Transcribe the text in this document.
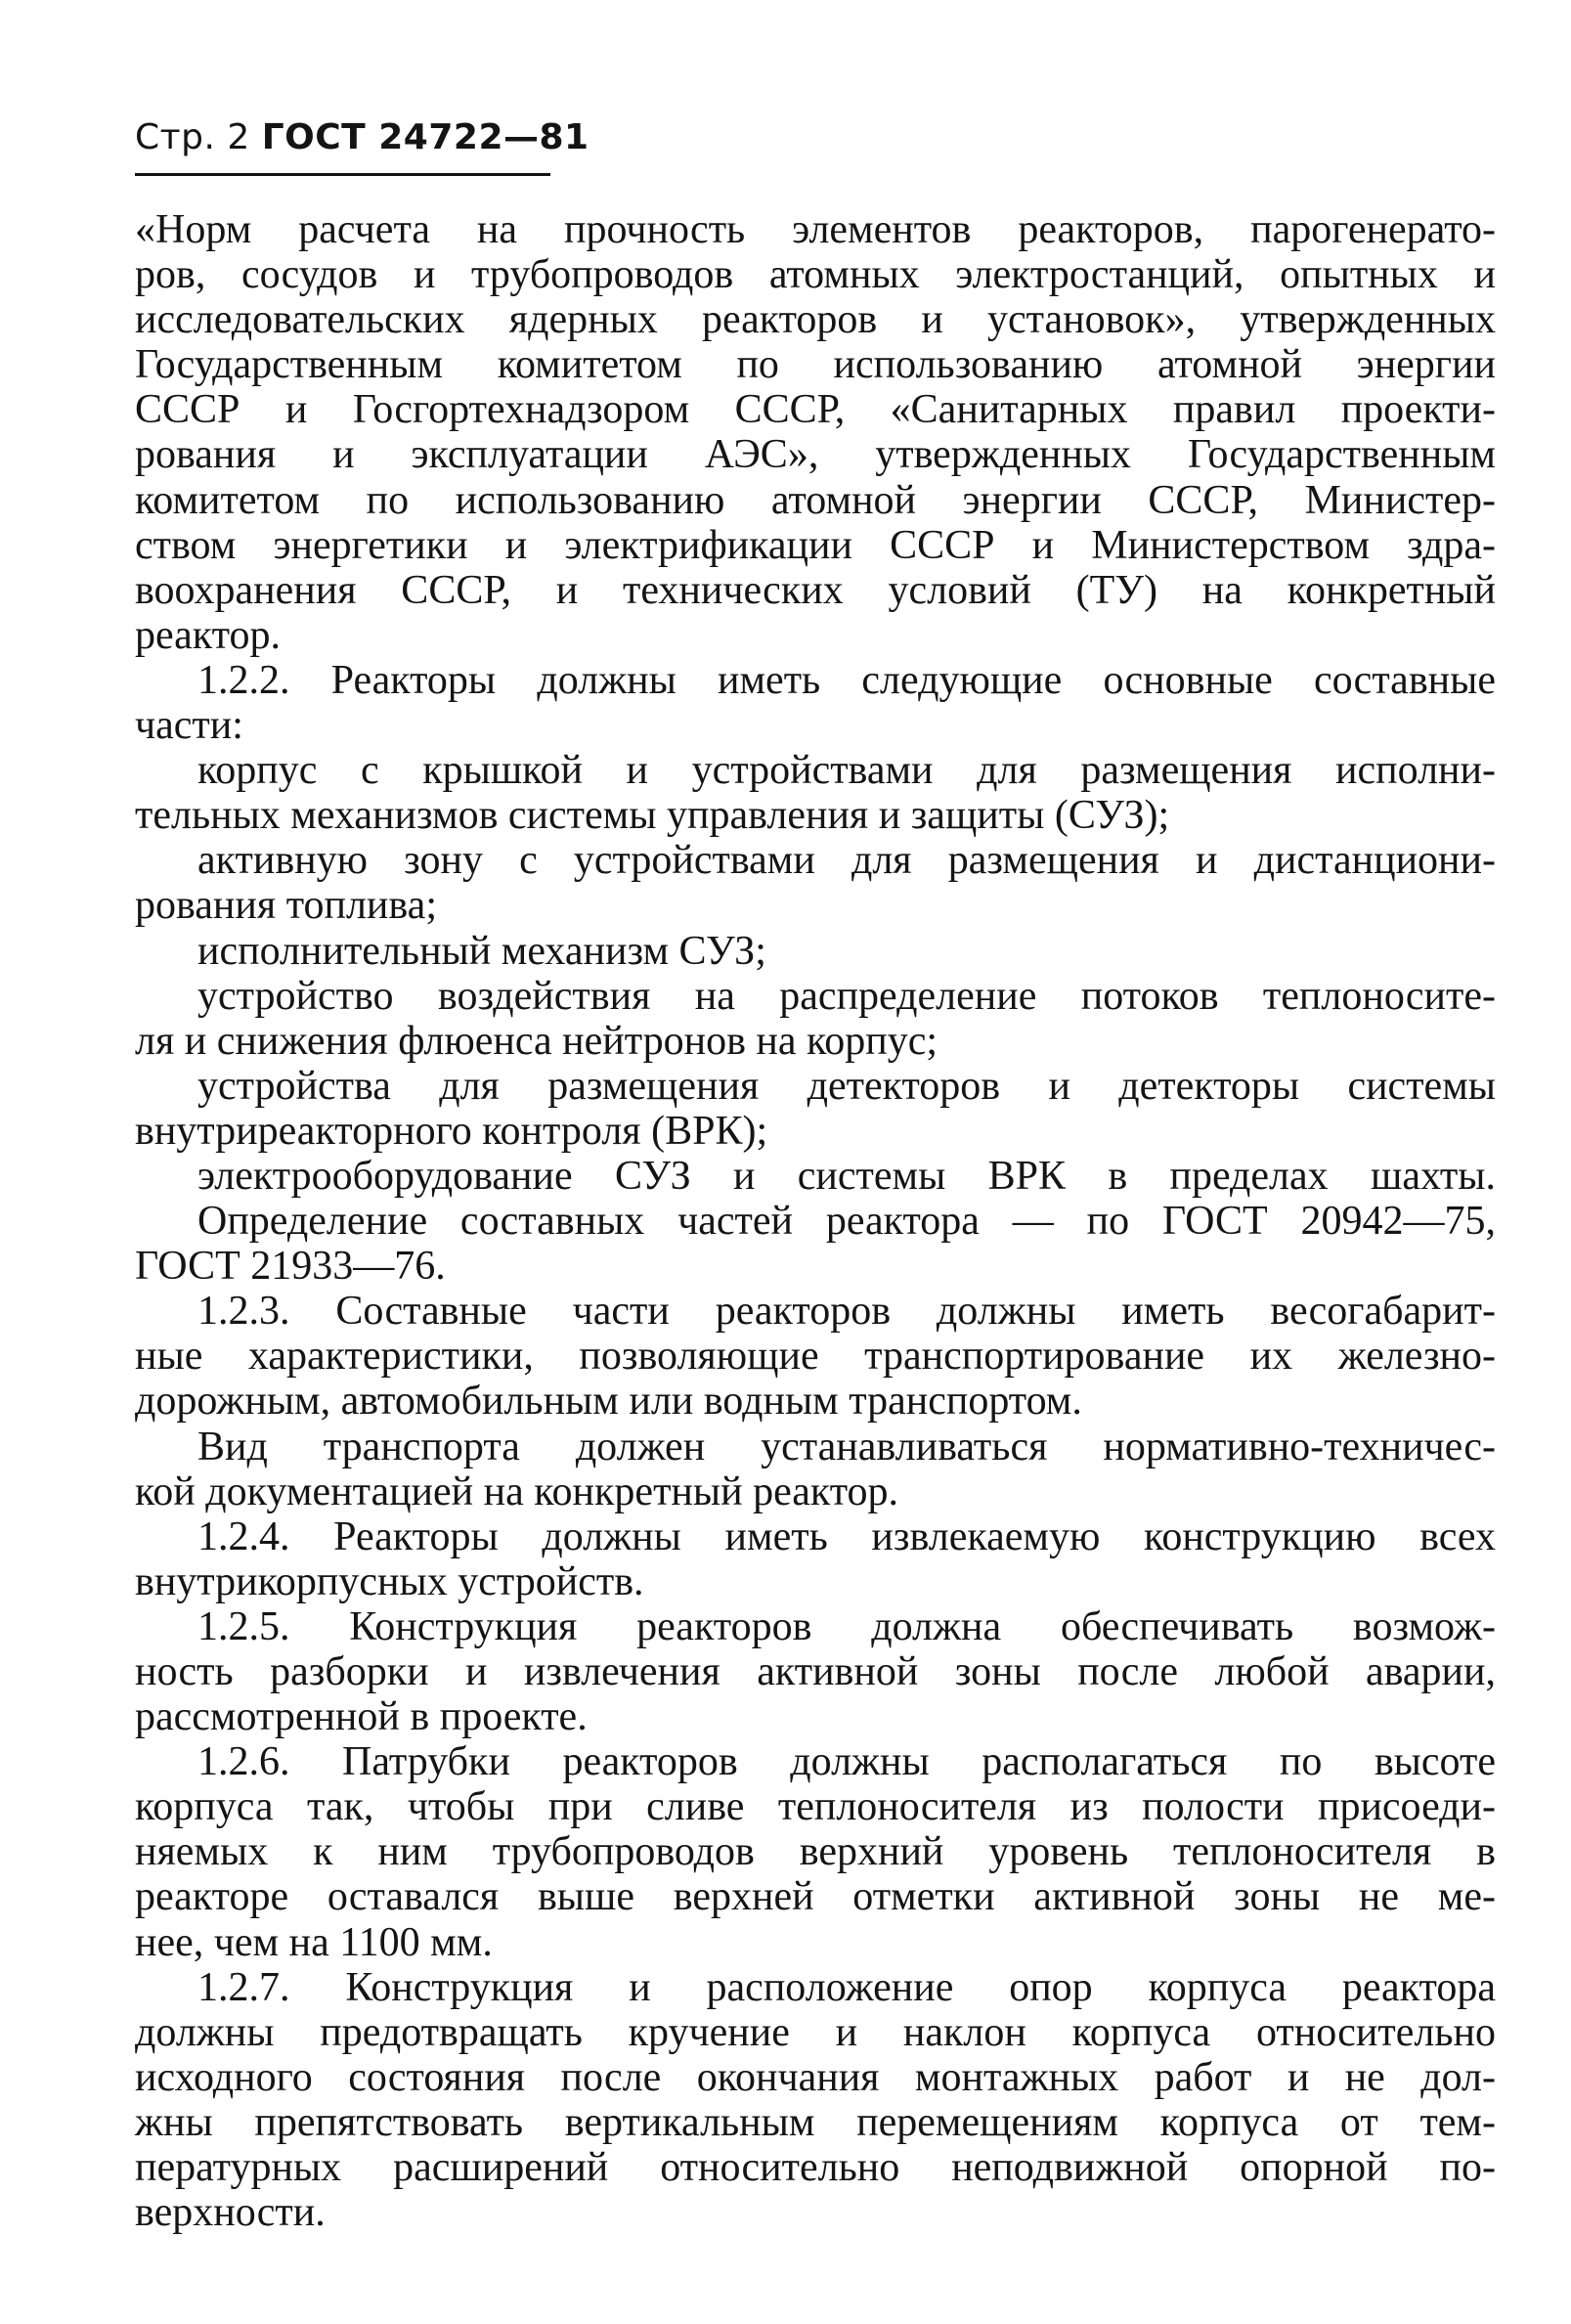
Стр. 2 ГОСТ 24722—81
«Норм расчета на прочность элементов реакторов, парогенерато-
ров, сосудов и трубопроводов атомных электростанций, опытных и
исследовательских ядерных реакторов и установок», утвержденных
Государственным комитетом по использованию атомной энергии
СССР и Госгортехнадзором СССР, «Санитарных правил проекти-
рования и эксплуатации АЭС», утвержденных Государственным
комитетом по использованию атомной энергии СССР, Министер-
ством энергетики и электрификации СССР и Министерством здра-
воохранения СССР, и технических условий (ТУ) на конкретный
реактор.
1.2.2. Реакторы должны иметь следующие основные составные
части:
корпус с крышкой и устройствами для размещения исполни-
тельных механизмов системы управления и защиты (СУЗ);
активную зону с устройствами для размещения и дистанциони-
рования топлива;
исполнительный механизм СУЗ;
устройство воздействия на распределение потоков теплоносите-
ля и снижения флюенса нейтронов на корпус;
устройства для размещения детекторов и детекторы системы
внутриреакторного контроля (ВРК);
электрооборудование СУЗ и системы ВРК в пределах шахты.
Определение составных частей реактора — по ГОСТ 20942—75,
ГОСТ 21933—76.
1.2.3. Составные части реакторов должны иметь весогабарит-
ные характеристики, позволяющие транспортирование их железно-
дорожным, автомобильным или водным транспортом.
Вид транспорта должен устанавливаться нормативно-техничес-
кой документацией на конкретный реактор.
1.2.4. Реакторы должны иметь извлекаемую конструкцию всех
внутрикорпусных устройств.
1.2.5. Конструкция реакторов должна обеспечивать возмож-
ность разборки и извлечения активной зоны после любой аварии,
рассмотренной в проекте.
1.2.6. Патрубки реакторов должны располагаться по высоте
корпуса так, чтобы при сливе теплоносителя из полости присоеди-
няемых к ним трубопроводов верхний уровень теплоносителя в
реакторе оставался выше верхней отметки активной зоны не ме-
нее, чем на 1100 мм.
1.2.7. Конструкция и расположение опор корпуса реактора
должны предотвращать кручение и наклон корпуса относительно
исходного состояния после окончания монтажных работ и не дол-
жны препятствовать вертикальным перемещениям корпуса от тем-
пературных расширений относительно неподвижной опорной по-
верхности.
